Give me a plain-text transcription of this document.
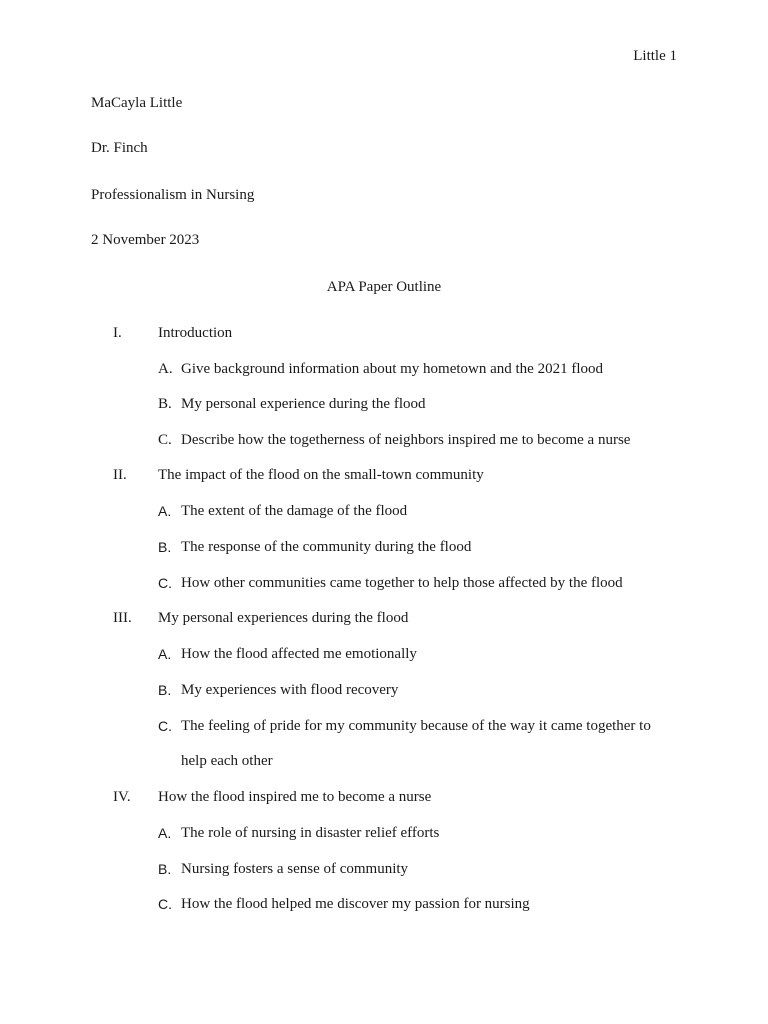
Little 1
MaCayla Little
Dr. Finch
Professionalism in Nursing
2 November 2023
APA Paper Outline
I. Introduction
A. Give background information about my hometown and the 2021 flood
B. My personal experience during the flood
C. Describe how the togetherness of neighbors inspired me to become a nurse
II. The impact of the flood on the small-town community
A. The extent of the damage of the flood
B. The response of the community during the flood
C. How other communities came together to help those affected by the flood
III. My personal experiences during the flood
A. How the flood affected me emotionally
B. My experiences with flood recovery
C. The feeling of pride for my community because of the way it came together to
help each other
IV. How the flood inspired me to become a nurse
A. The role of nursing in disaster relief efforts
B. Nursing fosters a sense of community
C. How the flood helped me discover my passion for nursing
